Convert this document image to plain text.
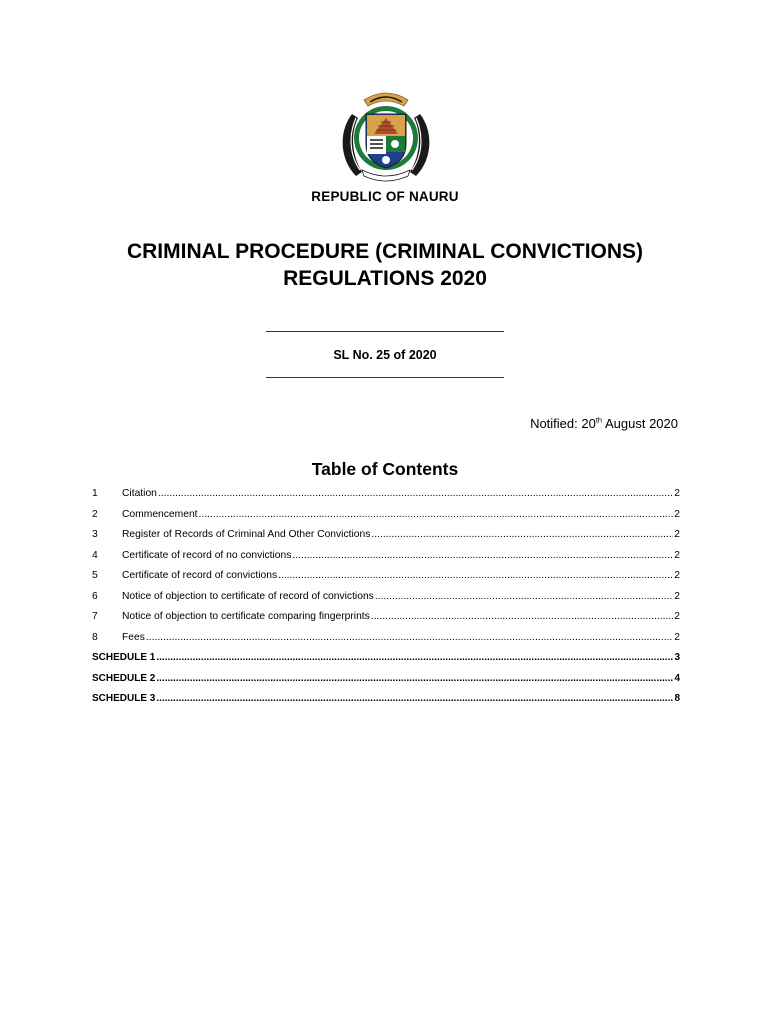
REPUBLIC OF NAURU
CRIMINAL PROCEDURE (CRIMINAL CONVICTIONS)
REGULATIONS 2020
SL No. 25 of 2020
Notified: 20th August 2020
Table of Contents
1	Citation .....	2
2	Commencement .....	2
3	Register of Records of Criminal And Other Convictions .....	2
4	Certificate of record of no convictions .....	2
5	Certificate of record of convictions .....	2
6	Notice of objection to certificate of record of convictions .....	2
7	Notice of objection to certificate comparing fingerprints .....	2
8	Fees .....	2
SCHEDULE 1 .....	3
SCHEDULE 2 .....	4
SCHEDULE 3 .....	8
